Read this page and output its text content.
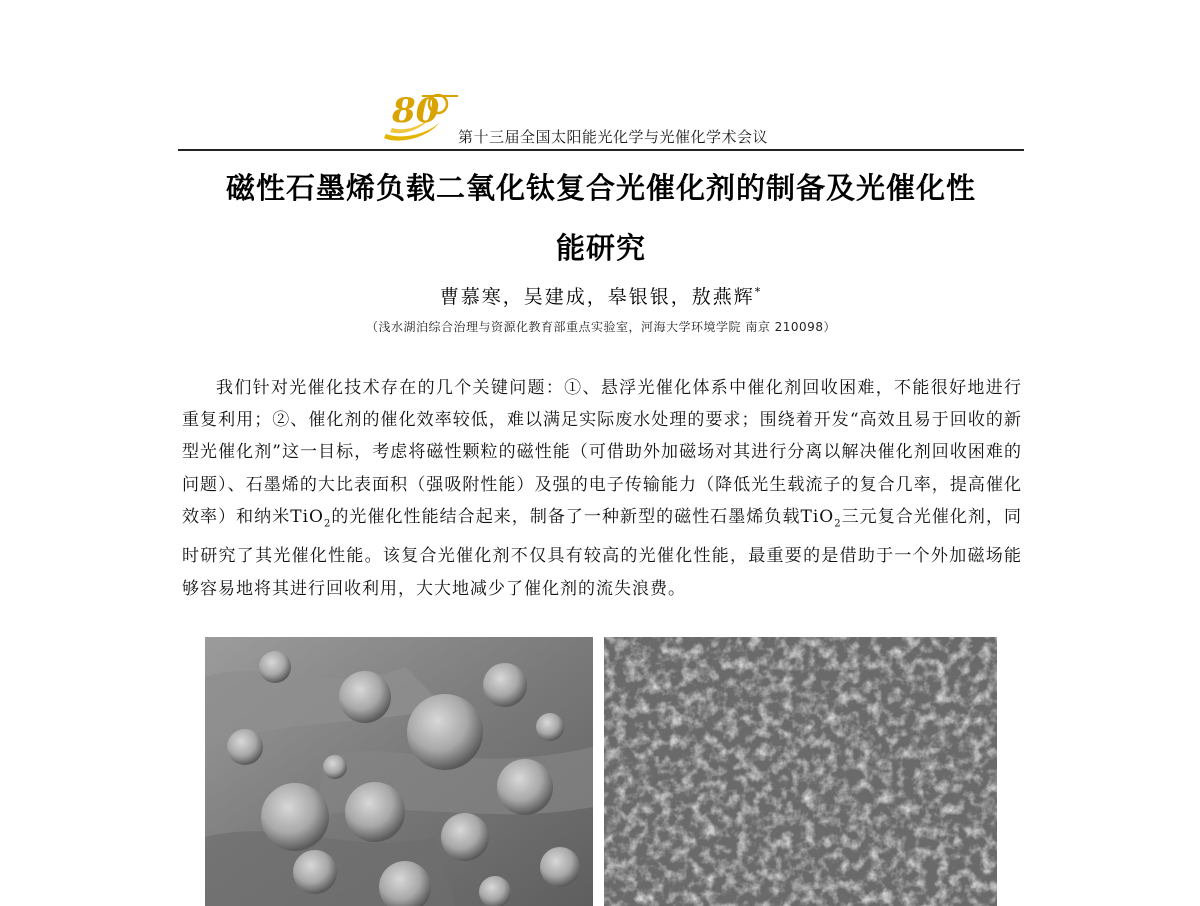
80
第十三届全国太阳能光化学与光催化学术会议
磁性石墨烯负载二氧化钛复合光催化剂的制备及光催化性
能研究
曹慕寒，吴建成，皋银银，敖燕辉*
（浅水湖泊综合治理与资源化教育部重点实验室，河海大学环境学院 南京 210098）
我们针对光催化技术存在的几个关键问题：①、悬浮光催化体系中催化剂回收困难，不能很好地进行重复利用；②、催化剂的催化效率较低，难以满足实际废水处理的要求；围绕着开发“高效且易于回收的新型光催化剂”这一目标，考虑将磁性颗粒的磁性能（可借助外加磁场对其进行分离以解决催化剂回收困难的问题）、石墨烯的大比表面积（强吸附性能）及强的电子传输能力（降低光生载流子的复合几率，提高催化效率）和纳米TiO$_2$的光催化性能结合起来，制备了一种新型的磁性石墨烯负载TiO$_2$三元复合光催化剂，同时研究了其光催化性能。该复合光催化剂不仅具有较高的光催化性能，最重要的是借助于一个外加磁场能够容易地将其进行回收利用，大大地减少了催化剂的流失浪费。
